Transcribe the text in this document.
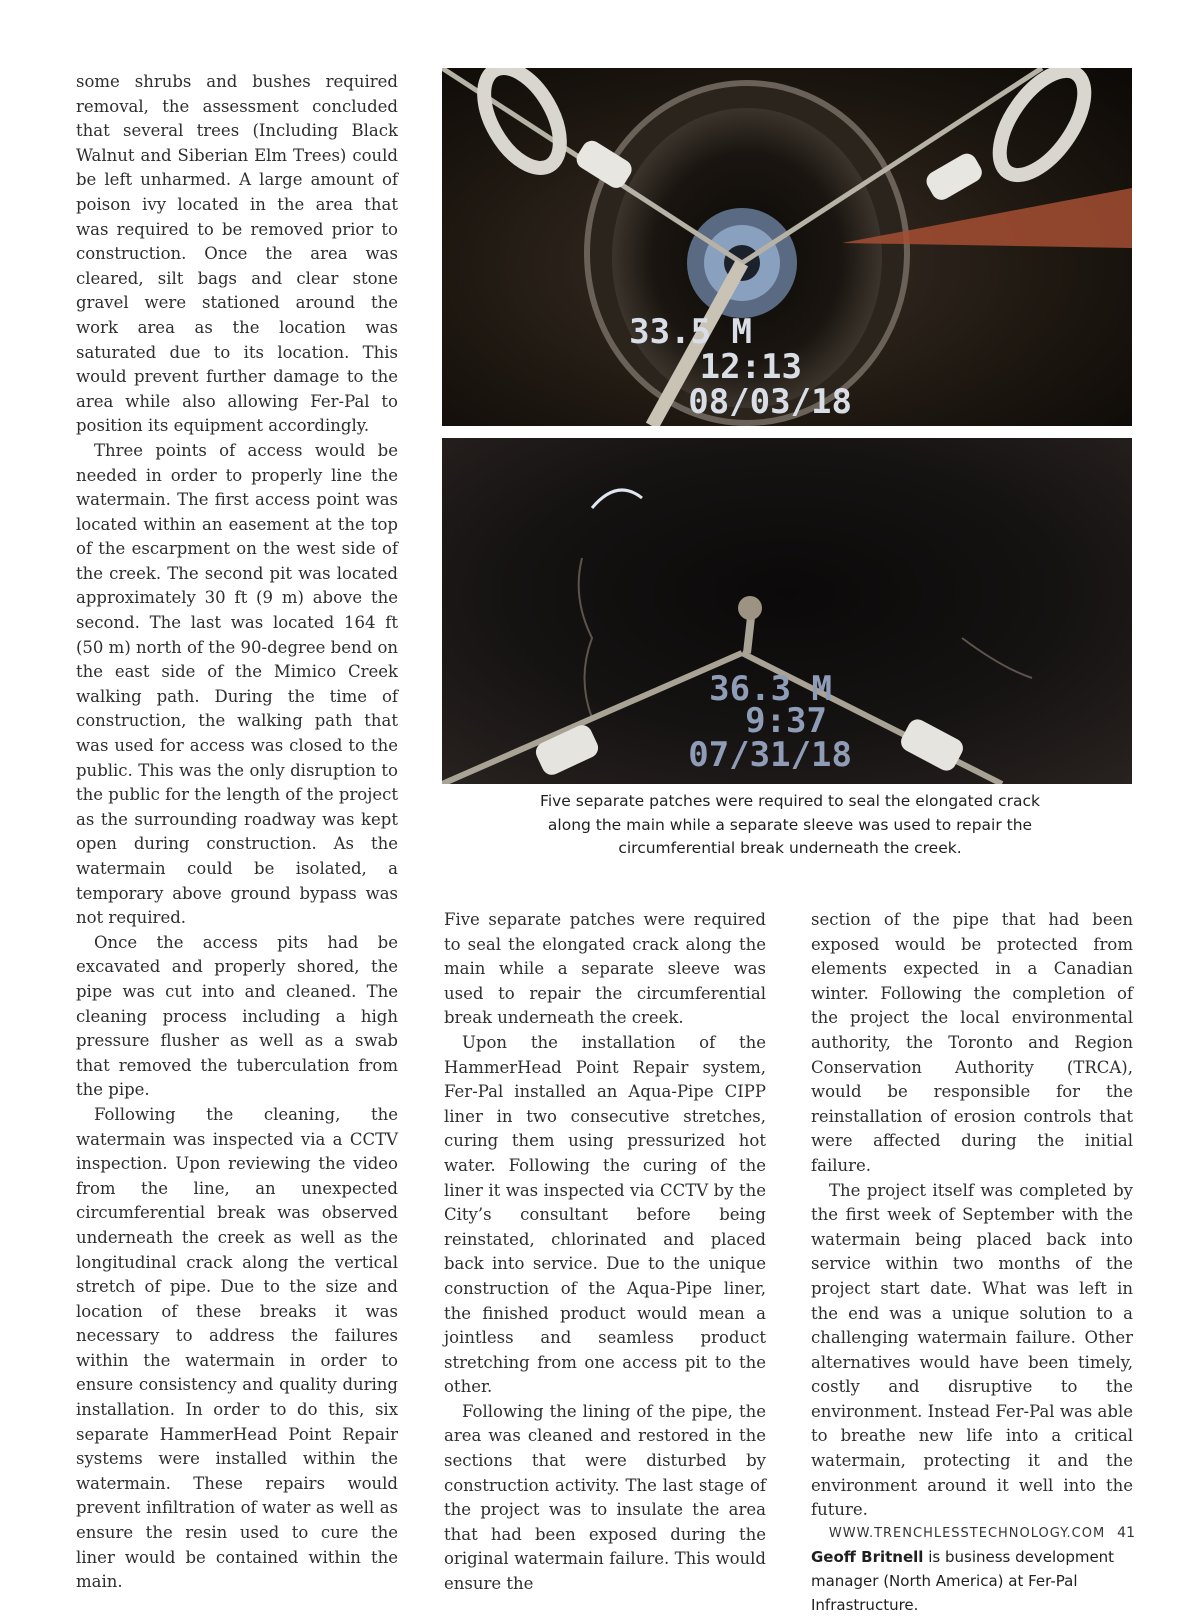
some shrubs and bushes required removal, the assessment concluded that several trees (Including Black Walnut and Siberian Elm Trees) could be left unharmed. A large amount of poison ivy located in the area that was required to be removed prior to construction. Once the area was cleared, silt bags and clear stone gravel were stationed around the work area as the location was saturated due to its location. This would prevent further damage to the area while also allowing Fer-Pal to position its equipment accordingly.

Three points of access would be needed in order to properly line the watermain. The first access point was located within an easement at the top of the escarpment on the west side of the creek. The second pit was located approximately 30 ft (9 m) above the second. The last was located 164 ft (50 m) north of the 90-degree bend on the east side of the Mimico Creek walking path. During the time of construction, the walking path that was used for access was closed to the public. This was the only disruption to the public for the length of the project as the surrounding roadway was kept open during construction. As the watermain could be isolated, a temporary above ground bypass was not required.

Once the access pits had be excavated and properly shored, the pipe was cut into and cleaned. The cleaning process including a high pressure flusher as well as a swab that removed the tuberculation from the pipe.

Following the cleaning, the watermain was inspected via a CCTV inspection. Upon reviewing the video from the line, an unexpected circumferential break was observed underneath the creek as well as the longitudinal crack along the vertical stretch of pipe. Due to the size and location of these breaks it was necessary to address the failures within the watermain in order to ensure consistency and quality during installation. In order to do this, six separate HammerHead Point Repair systems were installed within the watermain. These repairs would prevent infiltration of water as well as ensure the resin used to cure the liner would be contained within the main.

33.5 M
12:13
08/03/18
36.3 M
9:37
07/31/18
Five separate patches were required to seal the elongated crack along the main while a separate sleeve was used to repair the circumferential break underneath the creek.

Five separate patches were required to seal the elongated crack along the main while a separate sleeve was used to repair the circumferential break underneath the creek.

Upon the installation of the HammerHead Point Repair system, Fer-Pal installed an Aqua-Pipe CIPP liner in two consecutive stretches, curing them using pressurized hot water. Following the curing of the liner it was inspected via CCTV by the City’s consultant before being reinstated, chlorinated and placed back into service. Due to the unique construction of the Aqua-Pipe liner, the finished product would mean a jointless and seamless product stretching from one access pit to the other.

Following the lining of the pipe, the area was cleaned and restored in the sections that were disturbed by construction activity. The last stage of the project was to insulate the area that had been exposed during the original watermain failure. This would ensure the

section of the pipe that had been exposed would be protected from elements expected in a Canadian winter. Following the completion of the project the local environmental authority, the Toronto and Region Conservation Authority (TRCA), would be responsible for the reinstallation of erosion controls that were affected during the initial failure.

The project itself was completed by the first week of September with the watermain being placed back into service within two months of the project start date. What was left in the end was a unique solution to a challenging watermain failure. Other alternatives would have been timely, costly and disruptive to the environment. Instead Fer-Pal was able to breathe new life into a critical watermain, protecting it and the environment around it well into the future.

Geoff Britnell is business development manager (North America) at Fer-Pal Infrastructure.
WWW.TRENCHLESSTECHNOLOGY.COM 41
